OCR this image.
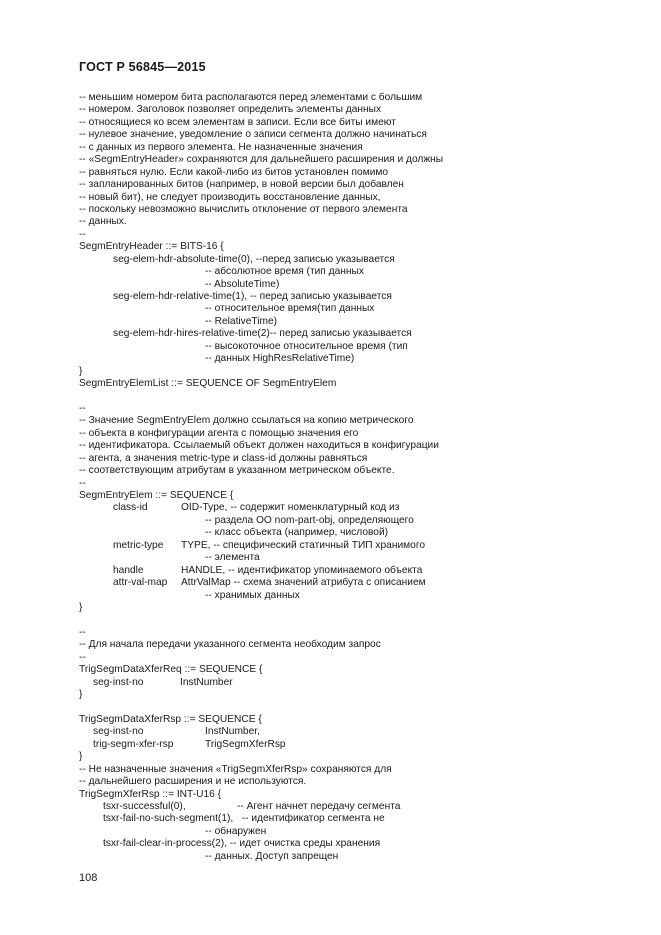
ГОСТ Р 56845—2015
-- меньшим номером бита располагаются перед элементами с большим
-- номером. Заголовок позволяет определить элементы данных
-- относящиеся ко всем элементам в записи. Если все биты имеют
-- нулевое значение, уведомление о записи сегмента должно начинаться
-- с данных из первого элемента. Не назначенные значения
-- «SegmEntryHeader» сохраняются для дальнейшего расширения и должны
-- равняться нулю. Если какой-либо из битов установлен помимо
-- запланированных битов (например, в новой версии был добавлен
-- новый бит), не следует производить восстановление данных,
-- поскольку невозможно вычислить отклонение от первого элемента
-- данных.
--
SegmEntryHeader ::= BITS-16 {
seg-elem-hdr-absolute-time(0), --перед записью указывается
-- абсолютное время (тип данных
-- AbsoluteTime)
seg-elem-hdr-relative-time(1), -- перед записью указывается
-- относительное время(тип данных
-- RelativeTime)
seg-elem-hdr-hires-relative-time(2)-- перед записью указывается
-- высокоточное относительное время (тип
-- данных HighResRelativeTime)
}
SegmEntryElemList ::= SEQUENCE OF SegmEntryElem
--
-- Значение SegmEntryElem должно ссылаться на копию метрического
-- объекта в конфигурации агента с помощью значения его
-- идентификатора. Ссылаемый объект должен находиться в конфигурации
-- агента, а значения metric-type и class-id должны равняться
-- соответствующим атрибутам в указанном метрическом объекте.
--
SegmEntryElem ::= SEQUENCE {
class-id	OID-Type, -- содержит номенклатурный код из
-- раздела ОО nom-part-obj, определяющего
-- класс объекта (например, числовой)
metric-type TYPE, -- специфический статичный ТИП хранимого
-- элемента
handle	HANDLE, -- идентификатор упоминаемого объекта
attr-val-map AttrValMap -- схема значений атрибута с описанием
-- хранимых данных
}
--
-- Для начала передачи указанного сегмента необходим запрос
--
TrigSegmDataXferReq ::= SEQUENCE {
seg-inst-no	InstNumber
}
TrigSegmDataXferRsp ::= SEQUENCE {
seg-inst-no	InstNumber,
trig-segm-xfer-rsp	TrigSegmXferRsp
}
-- Не назначенные значения «TrigSegmXferRsp» сохраняются для
-- дальнейшего расширения и не используются.
TrigSegmXferRsp ::= INT-U16 {
tsxr-successful(0),	-- Агент начнет передачу сегмента
tsxr-fail-no-such-segment(1),   -- идентификатор сегмента не
-- обнаружен
tsxr-fail-clear-in-process(2), -- идет очистка среды хранения
-- данных. Доступ запрещен
108
